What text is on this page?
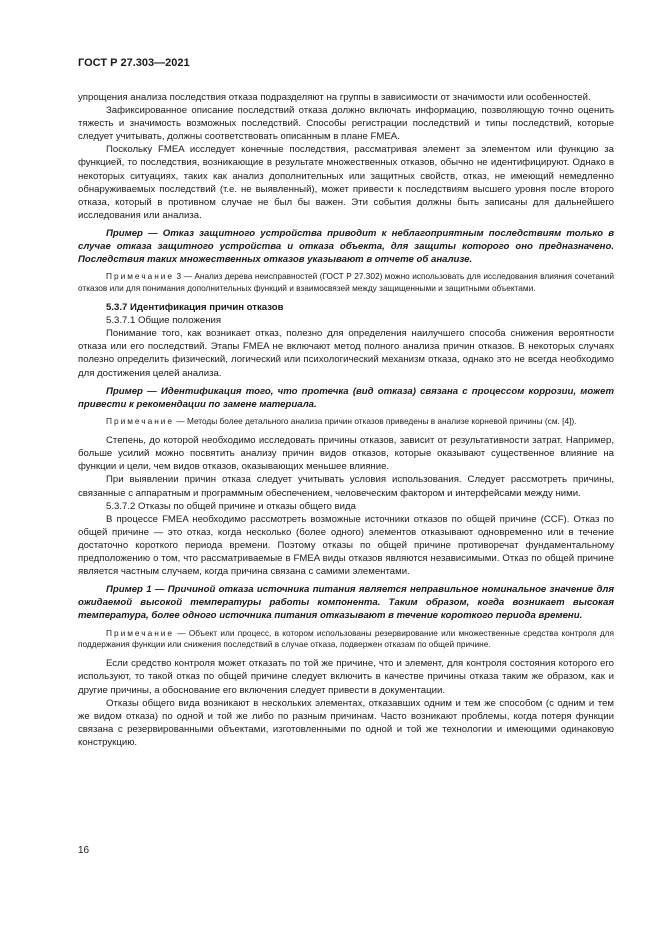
ГОСТ Р 27.303—2021

упрощения анализа последствия отказа подразделяют на группы в зависимости от значимости или особенностей.

Зафиксированное описание последствий отказа должно включать информацию, позволяющую точно оценить тяжесть и значимость возможных последствий. Способы регистрации последствий и типы последствий, которые следует учитывать, должны соответствовать описанным в плане FMEA.

Поскольку FMEA исследует конечные последствия, рассматривая элемент за элементом или функцию за функцией, то последствия, возникающие в результате множественных отказов, обычно не идентифицируют. Однако в некоторых ситуациях, таких как анализ дополнительных или защитных свойств, отказ, не имеющий немедленно обнаруживаемых последствий (т.е. не выявленный), может привести к последствиям высшего уровня после второго отказа, который в противном случае не был бы важен. Эти события должны быть записаны для дальнейшего исследования или анализа.

Пример — Отказ защитного устройства приводит к неблагоприятным последствиям только в случае отказа защитного устройства и отказа объекта, для защиты которого оно предназначено. Последствия таких множественных отказов указывают в отчете об анализе.

Примечание 3 — Анализ дерева неисправностей (ГОСТ Р 27.302) можно использовать для исследования влияния сочетаний отказов или для понимания дополнительных функций и взаимосвязей между защищенными и защитными объектами.

5.3.7 Идентификация причин отказов

5.3.7.1 Общие положения

Понимание того, как возникает отказ, полезно для определения наилучшего способа снижения вероятности отказа или его последствий. Этапы FMEA не включают метод полного анализа причин отказов. В некоторых случаях полезно определить физический, логический или психологический механизм отказа, однако это не всегда необходимо для достижения целей анализа.

Пример — Идентификация того, что протечка (вид отказа) связана с процессом коррозии, может привести к рекомендации по замене материала.

Примечание — Методы более детального анализа причин отказов приведены в анализе корневой причины (см. [4]).

Степень, до которой необходимо исследовать причины отказов, зависит от результативности затрат. Например, больше усилий можно посвятить анализу причин видов отказов, которые оказывают существенное влияние на функции и цели, чем видов отказов, оказывающих меньшее влияние.

При выявлении причин отказа следует учитывать условия использования. Следует рассмотреть причины, связанные с аппаратным и программным обеспечением, человеческим фактором и интерфейсами между ними.

5.3.7.2 Отказы по общей причине и отказы общего вида

В процессе FMEA необходимо рассмотреть возможные источники отказов по общей причине (CCF). Отказ по общей причине — это отказ, когда несколько (более одного) элементов отказывают одновременно или в течение достаточно короткого периода времени. Поэтому отказы по общей причине противоречат фундаментальному предположению о том, что рассматриваемые в FMEA виды отказов являются независимыми. Отказ по общей причине является частным случаем, когда причина связана с самими элементами.

Пример 1 — Причиной отказа источника питания является неправильное номинальное значение для ожидаемой высокой температуры работы компонента. Таким образом, когда возникает высокая температура, более одного источника питания отказывают в течение короткого периода времени.

Примечание — Объект или процесс, в котором использованы резервирование или множественные средства контроля для поддержания функции или снижения последствий в случае отказа, подвержен отказам по общей причине.

Если средство контроля может отказать по той же причине, что и элемент, для контроля состояния которого его используют, то такой отказ по общей причине следует включить в качестве причины отказа таким же образом, как и другие причины, а обоснование его включения следует привести в документации.

Отказы общего вида возникают в нескольких элементах, отказавших одним и тем же способом (с одним и тем же видом отказа) по одной и той же либо по разным причинам. Часто возникают проблемы, когда потеря функции связана с резервированными объектами, изготовленными по одной и той же технологии и имеющими одинаковую конструкцию.

16
